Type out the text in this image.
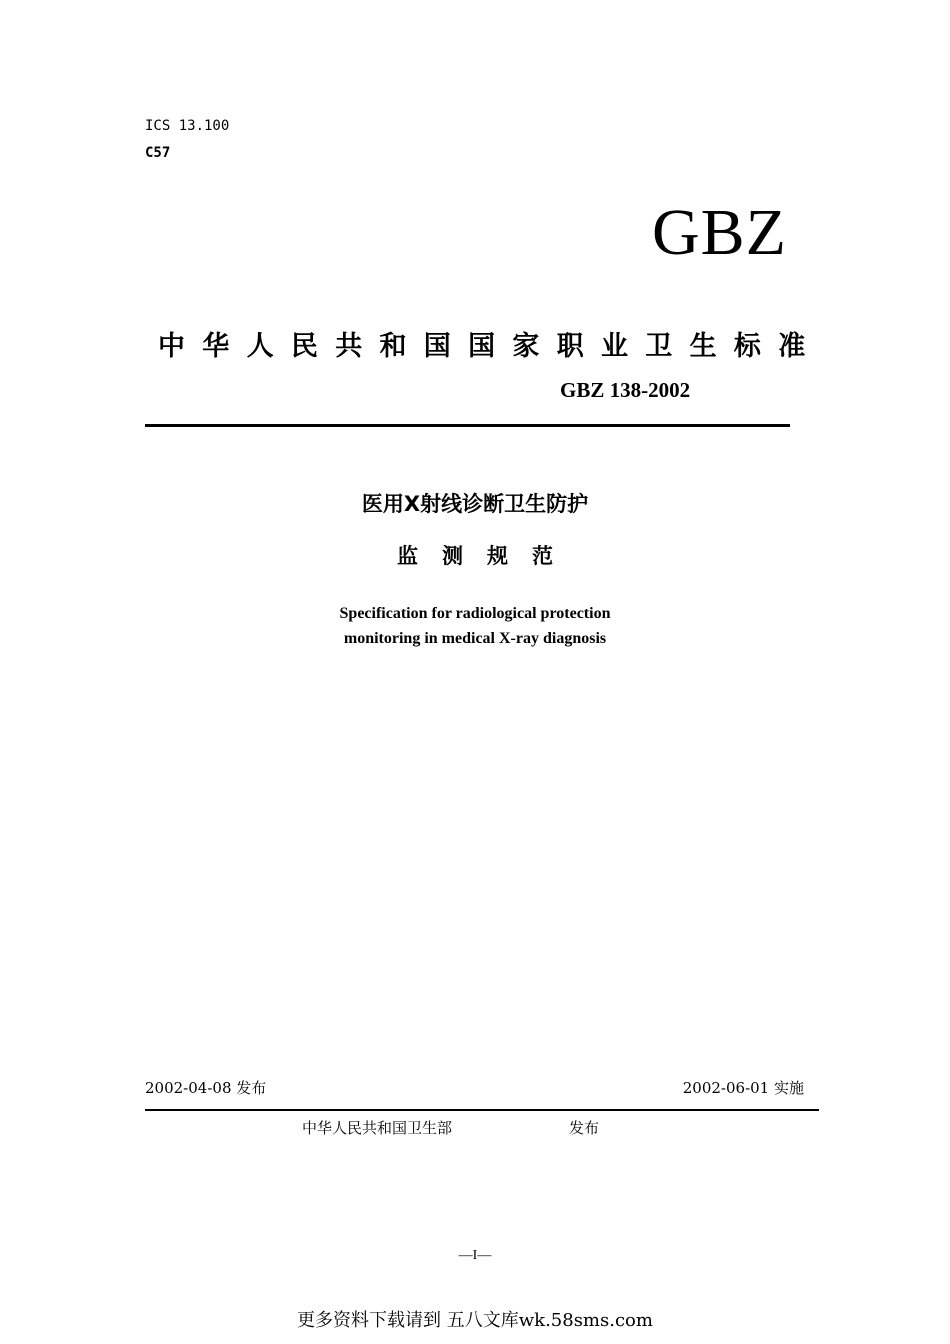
ICS 13.100
C57
GBZ
中华人民共和国国家职业卫生标准
GBZ 138-2002
医用X射线诊断卫生防护
监测规范
Specification for radiological protection
monitoring in medical X-ray diagnosis
2002-04-08 发布	2002-06-01 实施
中华人民共和国卫生部	发布
—I—
更多资料下载请到 五八文库wk.58sms.com
